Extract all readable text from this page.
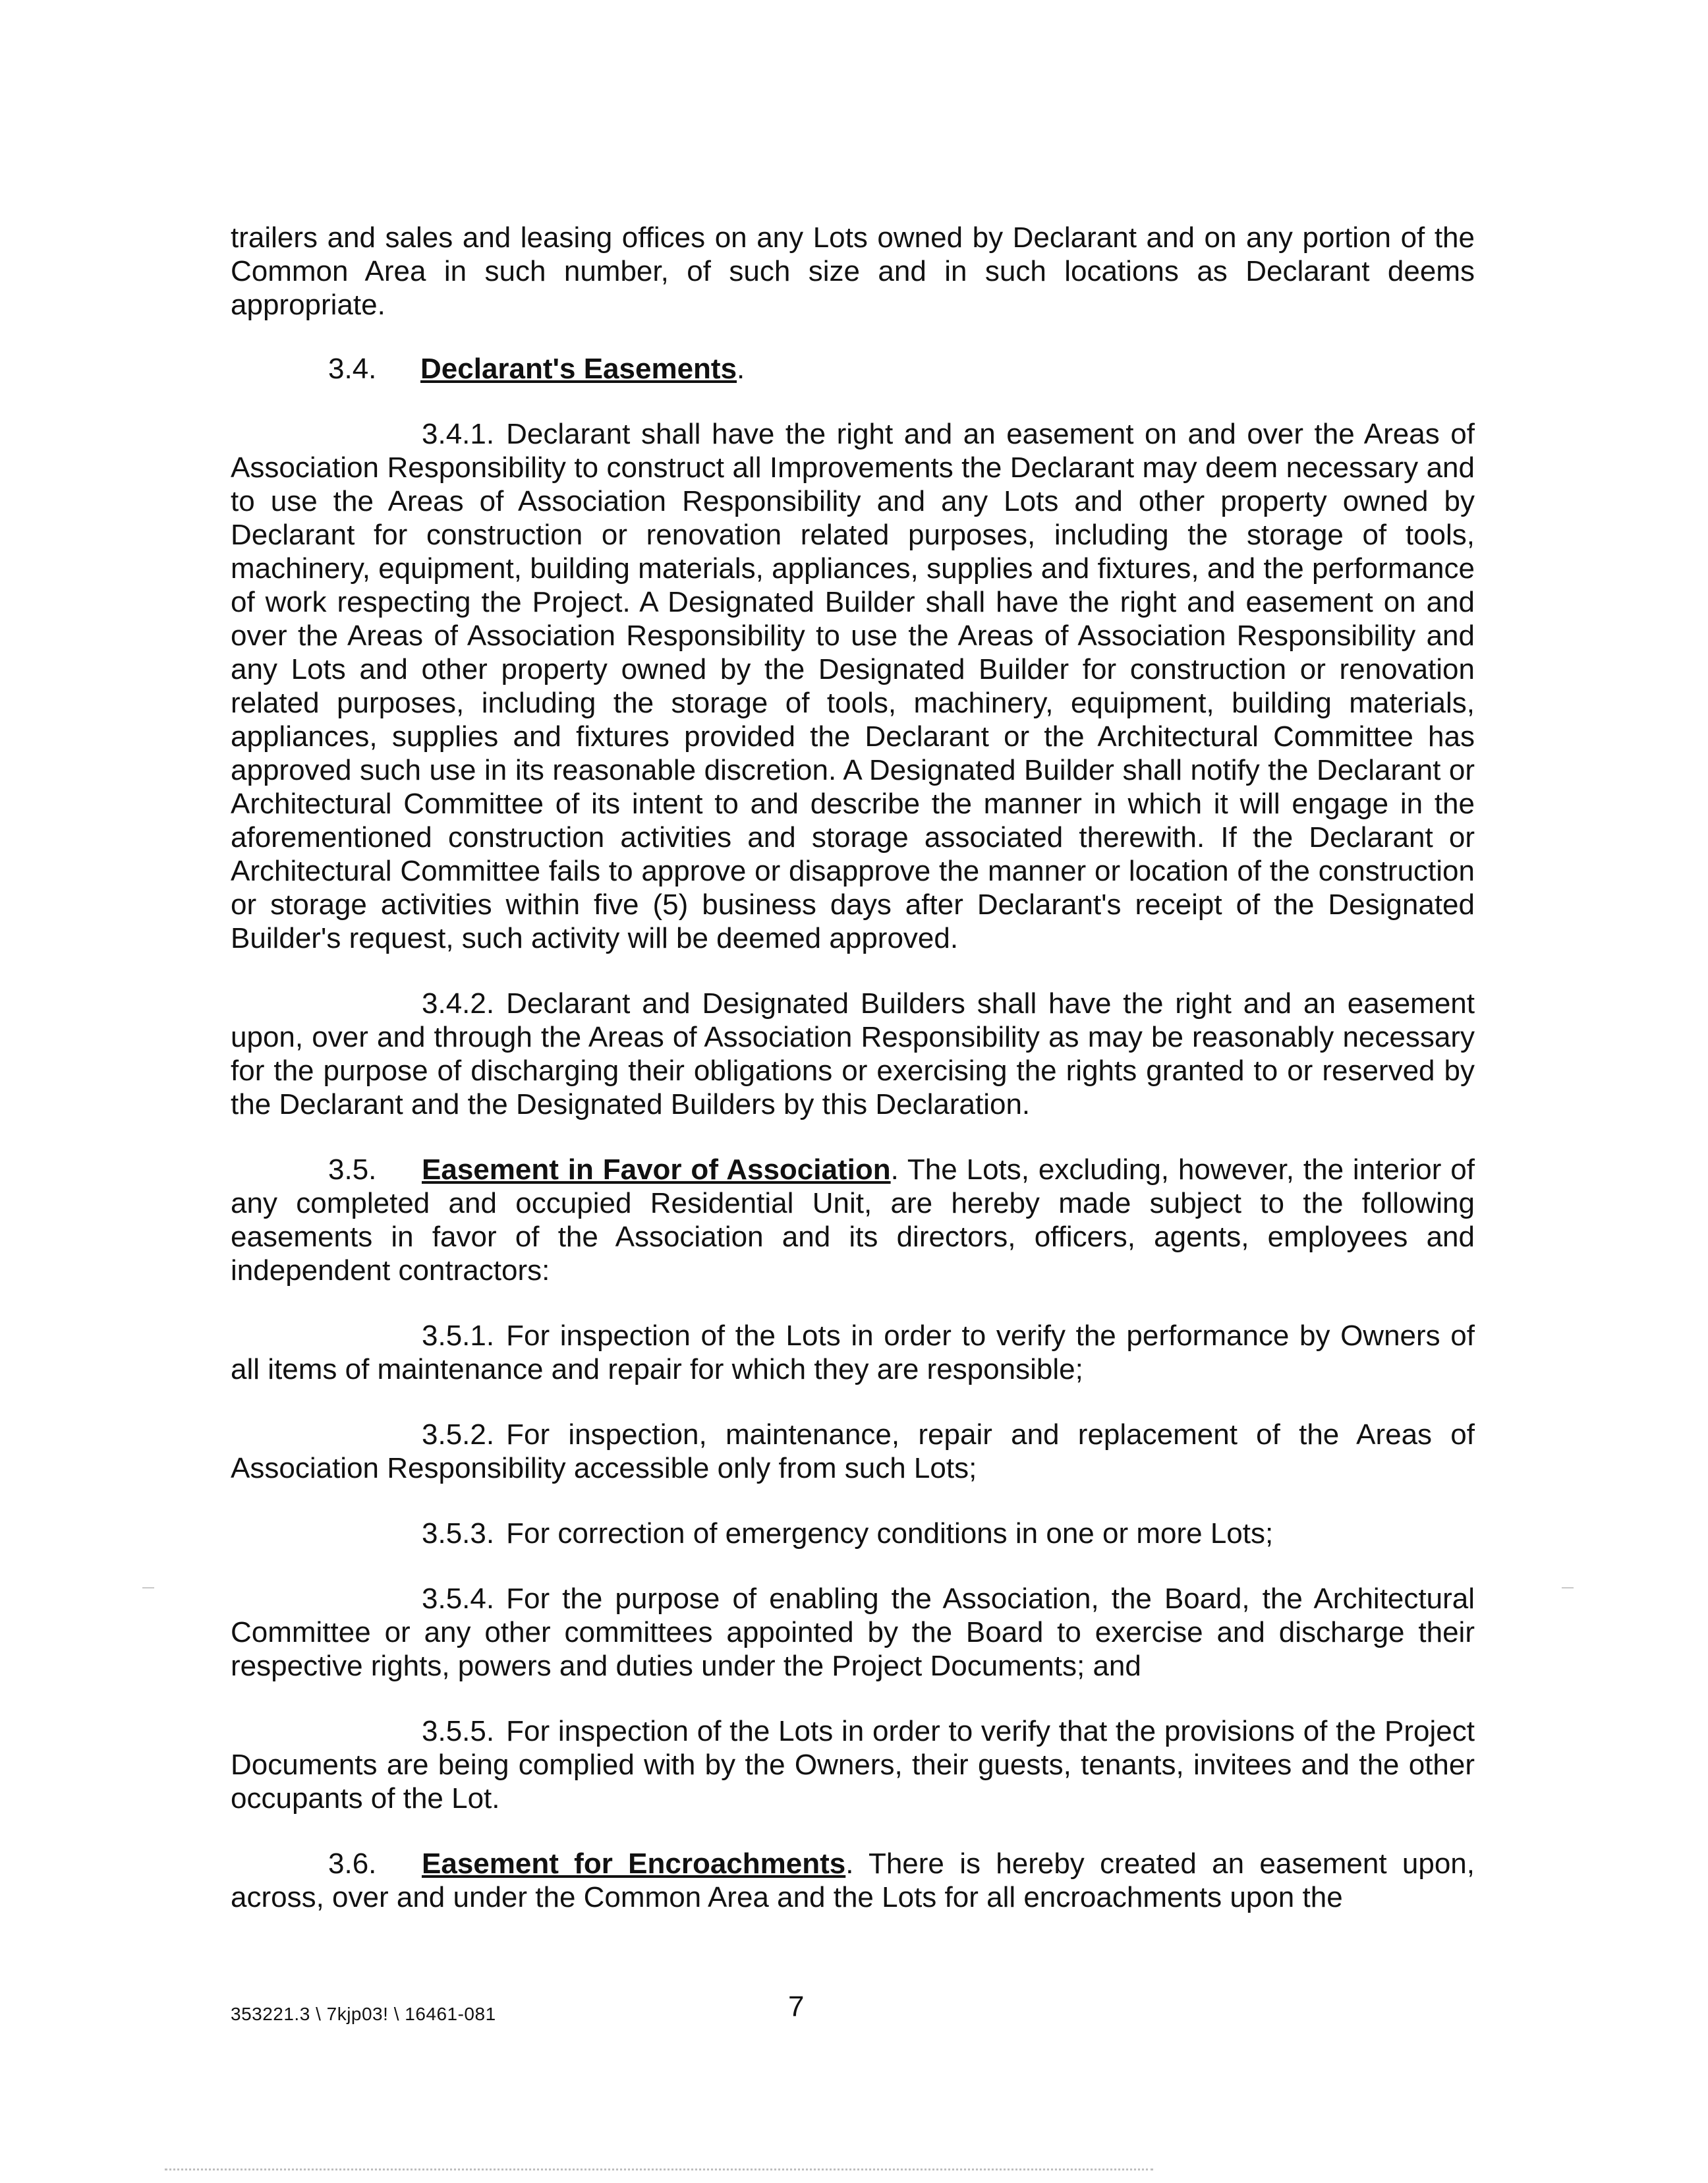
trailers and sales and leasing offices on any Lots owned by Declarant and on any portion of the Common Area in such number, of such size and in such locations as Declarant deems appropriate.

3.4. Declarant's Easements.

3.4.1. Declarant shall have the right and an easement on and over the Areas of Association Responsibility to construct all Improvements the Declarant may deem necessary and to use the Areas of Association Responsibility and any Lots and other property owned by Declarant for construction or renovation related purposes, including the storage of tools, machinery, equipment, building materials, appliances, supplies and fixtures, and the performance of work respecting the Project. A Designated Builder shall have the right and easement on and over the Areas of Association Responsibility to use the Areas of Association Responsibility and any Lots and other property owned by the Designated Builder for construction or renovation related purposes, including the storage of tools, machinery, equipment, building materials, appliances, supplies and fixtures provided the Declarant or the Architectural Committee has approved such use in its reasonable discretion. A Designated Builder shall notify the Declarant or Architectural Committee of its intent to and describe the manner in which it will engage in the aforementioned construction activities and storage associated therewith. If the Declarant or Architectural Committee fails to approve or disapprove the manner or location of the construction or storage activities within five (5) business days after Declarant's receipt of the Designated Builder's request, such activity will be deemed approved.

3.4.2. Declarant and Designated Builders shall have the right and an easement upon, over and through the Areas of Association Responsibility as may be reasonably necessary for the purpose of discharging their obligations or exercising the rights granted to or reserved by the Declarant and the Designated Builders by this Declaration.

3.5. Easement in Favor of Association. The Lots, excluding, however, the interior of any completed and occupied Residential Unit, are hereby made subject to the following easements in favor of the Association and its directors, officers, agents, employees and independent contractors:

3.5.1. For inspection of the Lots in order to verify the performance by Owners of all items of maintenance and repair for which they are responsible;

3.5.2. For inspection, maintenance, repair and replacement of the Areas of Association Responsibility accessible only from such Lots;

3.5.3. For correction of emergency conditions in one or more Lots;

3.5.4. For the purpose of enabling the Association, the Board, the Architectural Committee or any other committees appointed by the Board to exercise and discharge their respective rights, powers and duties under the Project Documents; and

3.5.5. For inspection of the Lots in order to verify that the provisions of the Project Documents are being complied with by the Owners, their guests, tenants, invitees and the other occupants of the Lot.

3.6. Easement for Encroachments. There is hereby created an easement upon, across, over and under the Common Area and the Lots for all encroachments upon the

353221.3 \ 7kjp03! \ 16461-081	7
